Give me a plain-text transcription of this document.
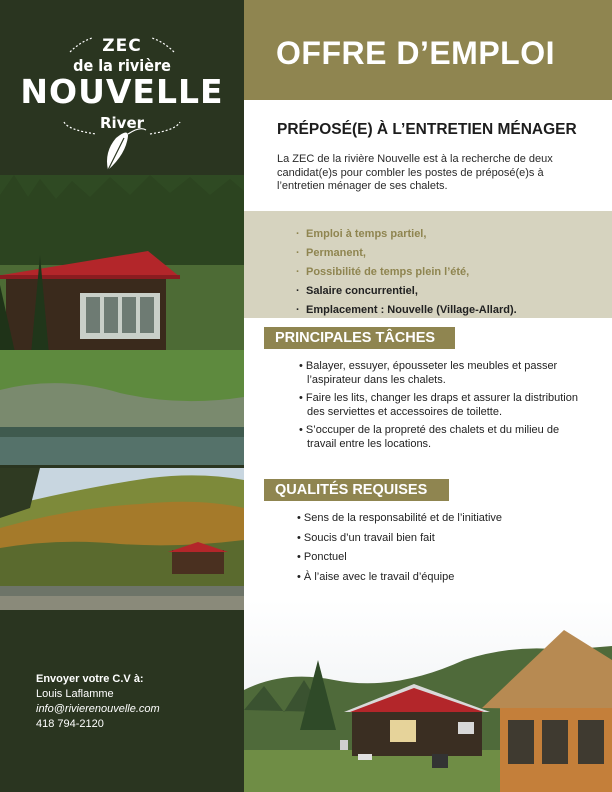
ZEC
de la rivière
NOUVELLE
River
Envoyer votre C.V à:
Louis Laflamme
info@rivierenouvelle.com
418 794-2120
OFFRE D’EMPLOI
PRÉPOSÉ(E) À L’ENTRETIEN MÉNAGER

La ZEC de la rivière Nouvelle est à la recherche de deux candidat(e)s pour combler les postes de préposé(e)s à l’entretien ménager de ses chalets.

· Emploi à temps partiel,
· Permanent,
· Possibilité de temps plein l’été,
· Salaire concurrentiel,
· Emplacement : Nouvelle (Village-Allard).
PRINCIPALES TÂCHES
• Balayer, essuyer, épousseter les meubles et passer l’aspirateur dans les chalets.
• Faire les lits, changer les draps et assurer la distribution des serviettes et accessoires de toilette.
• S’occuper de la propreté des chalets et du milieu de travail entre les locations.
QUALITÉS REQUISES
• Sens de la responsabilité et de l’initiative
• Soucis d’un travail bien fait
• Ponctuel
• À l’aise avec le travail d’équipe
